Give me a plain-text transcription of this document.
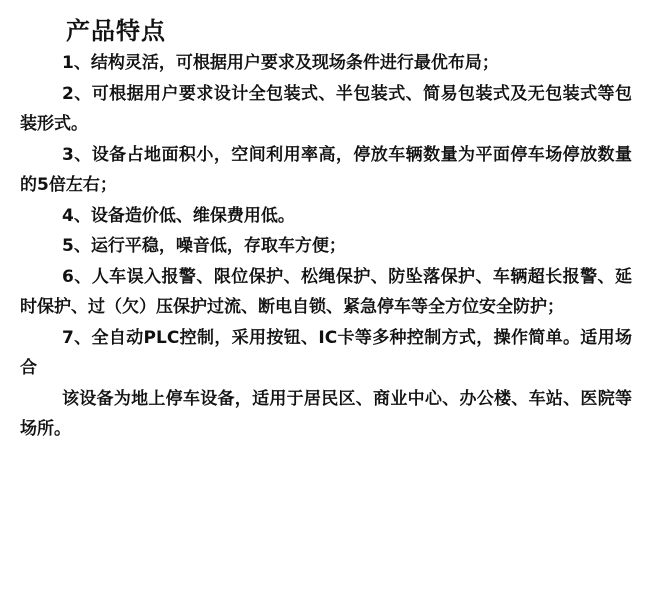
产品特点

1、结构灵活，可根据用户要求及现场条件进行最优布局；

2、可根据用户要求设计全包装式、半包装式、简易包装式及无包装式等包装形式。

3、设备占地面积小，空间利用率高，停放车辆数量为平面停车场停放数量的5倍左右；

4、设备造价低、维保费用低。

5、运行平稳，噪音低，存取车方便；

6、人车误入报警、限位保护、松绳保护、防坠落保护、车辆超长报警、延时保护、过（欠）压保护过流、断电自锁、紧急停车等全方位安全防护；

7、全自动PLC控制，采用按钮、IC卡等多种控制方式，操作简单。适用场合

该设备为地上停车设备，适用于居民区、商业中心、办公楼、车站、医院等场所。
